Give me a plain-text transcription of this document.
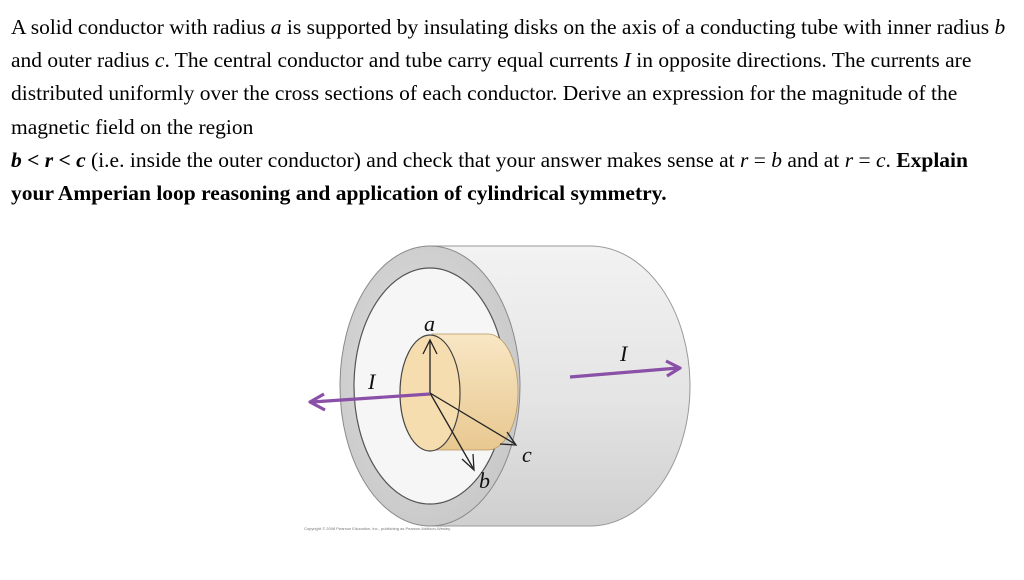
A solid conductor with radius a is supported by insulating disks on the axis of a conducting tube with inner radius b and outer radius c. The central conductor and tube carry equal currents I in opposite directions. The currents are distributed uniformly over the cross sections of each conductor. Derive an expression for the magnitude of the magnetic field on the region
b < r < c (i.e. inside the outer conductor) and check that your answer makes sense at r = b and at r = c. Explain your Amperian loop reasoning and application of cylindrical symmetry.

a
b
c
I
I
Copyright © 2008 Pearson Education, Inc., publishing as Pearson Addison-Wesley.
